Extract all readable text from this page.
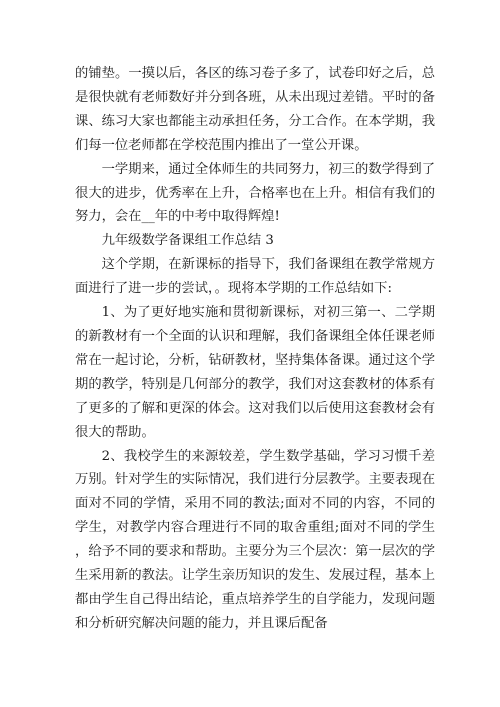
的铺垫。一摸以后，各区的练习卷子多了，试卷印好之后，总是很快就有老师数好并分到各班，从未出现过差错。平时的备课、练习大家也都能主动承担任务，分工合作。在本学期，我们每一位老师都在学校范围内推出了一堂公开课。

一学期来，通过全体师生的共同努力，初三的数学得到了很大的进步，优秀率在上升，合格率也在上升。相信有我们的努力，会在__年的中考中取得辉煌!

九年级数学备课组工作总结 3

这个学期，在新课标的指导下，我们备课组在教学常规方面进行了进一步的尝试，。现将本学期的工作总结如下:

1、为了更好地实施和贯彻新课标，对初三第一、二学期的新教材有一个全面的认识和理解，我们备课组全体任课老师常在一起讨论，分析，钻研教材，坚持集体备课。通过这个学期的教学，特别是几何部分的教学，我们对这套教材的体系有了更多的了解和更深的体会。这对我们以后使用这套教材会有很大的帮助。

2、我校学生的来源较差，学生数学基础，学习习惯千差万别。针对学生的实际情况，我们进行分层教学。主要表现在面对不同的学情，采用不同的教法;面对不同的内容，不同的学生，对教学内容合理进行不同的取舍重组;面对不同的学生，给予不同的要求和帮助。主要分为三个层次：第一层次的学生采用新的教法。让学生亲历知识的发生、发展过程，基本上都由学生自己得出结论，重点培养学生的自学能力，发现问题和分析研究解决问题的能力，并且课后配备
